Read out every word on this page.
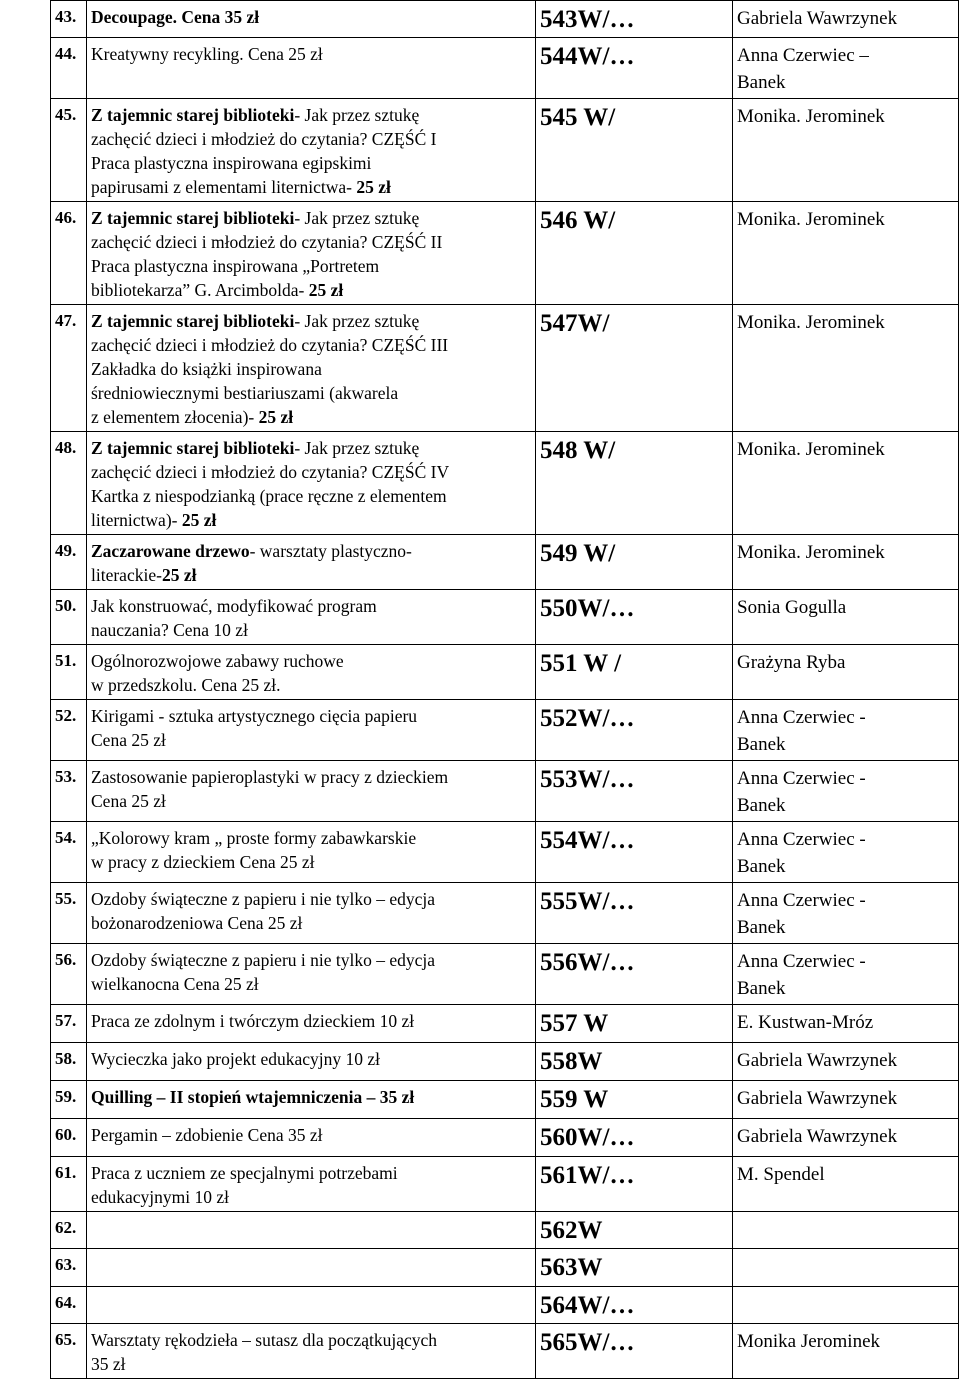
43.	Decoupage. Cena 35 zł	543W/…	Gabriela Wawrzynek

44.	Kreatywny recykling. Cena 25 zł	544W/…	Anna Czerwiec –
Banek

45.	Z tajemnic starej biblioteki- Jak przez sztukę
zachęcić dzieci i młodzież do czytania? CZĘŚĆ I
Praca plastyczna inspirowana egipskimi
papirusami z elementami liternictwa- 25 zł	545 W/	Monika. Jerominek

46.	Z tajemnic starej biblioteki- Jak przez sztukę
zachęcić dzieci i młodzież do czytania? CZĘŚĆ II
Praca plastyczna inspirowana „Portretem
bibliotekarza” G. Arcimbolda- 25 zł	546 W/	Monika. Jerominek

47.	Z tajemnic starej biblioteki- Jak przez sztukę
zachęcić dzieci i młodzież do czytania? CZĘŚĆ III
Zakładka do książki inspirowana
średniowiecznymi bestiariuszami (akwarela
z elementem złocenia)- 25 zł	547W/	Monika. Jerominek

48.	Z tajemnic starej biblioteki- Jak przez sztukę
zachęcić dzieci i młodzież do czytania? CZĘŚĆ IV
Kartka z niespodzianką (prace ręczne z elementem
liternictwa)- 25 zł	548 W/	Monika. Jerominek

49.	Zaczarowane drzewo- warsztaty plastyczno-
literackie-25 zł	549 W/	Monika. Jerominek

50.	Jak konstruować, modyfikować program
nauczania? Cena 10 zł	550W/…	Sonia Gogulla

51.	Ogólnorozwojowe zabawy ruchowe
w przedszkolu. Cena 25 zł.	551 W /	Grażyna Ryba

52.	Kirigami - sztuka artystycznego cięcia papieru
Cena 25 zł	552W/…	Anna Czerwiec -
Banek

53.	Zastosowanie papieroplastyki w pracy z dzieckiem
Cena 25 zł	553W/…	Anna Czerwiec -
Banek

54.	„Kolorowy kram „ proste formy zabawkarskie
w pracy z dzieckiem Cena 25 zł	554W/…	Anna Czerwiec -
Banek

55.	Ozdoby świąteczne z papieru i nie tylko – edycja
bożonarodzeniowa Cena 25 zł	555W/…	Anna Czerwiec -
Banek

56.	Ozdoby świąteczne z papieru i nie tylko – edycja
wielkanocna Cena 25 zł	556W/…	Anna Czerwiec -
Banek

57.	Praca ze zdolnym i twórczym dzieckiem 10 zł	557 W	E. Kustwan-Mróz

58.	Wycieczka jako projekt edukacyjny 10 zł	558W	Gabriela Wawrzynek

59.	Quilling – II stopień wtajemniczenia – 35 zł	559 W	Gabriela Wawrzynek

60.	Pergamin – zdobienie Cena 35 zł	560W/…	Gabriela Wawrzynek

61.	Praca z uczniem ze specjalnymi potrzebami
edukacyjnymi 10 zł	561W/…	M. Spendel

62.		562W	
63.		563W	
64.		564W/…	
65.	Warsztaty rękodzieła – sutasz dla początkujących
35 zł	565W/…	Monika Jerominek
